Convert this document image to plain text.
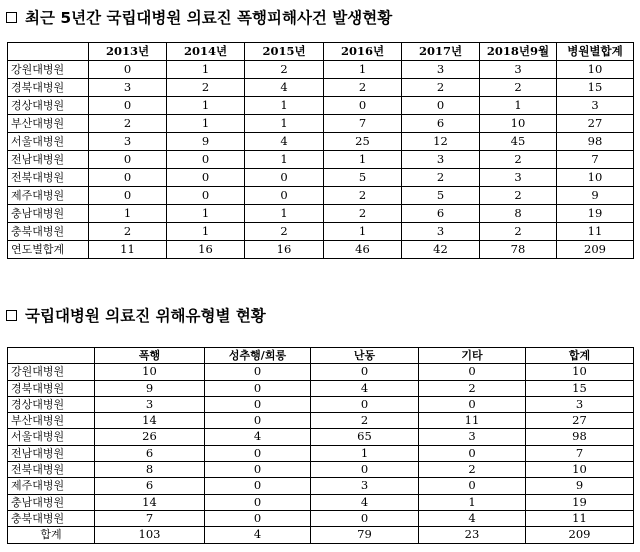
최근 5년간 국립대병원 의료진 폭행피해사건 발생현황
	2013년	2014년	2015년	2016년	2017년	2018년9월	병원별합계
강원대병원	0	1	2	1	3	3	10
경북대병원	3	2	4	2	2	2	15
경상대병원	0	1	1	0	0	1	3
부산대병원	2	1	1	7	6	10	27
서울대병원	3	9	4	25	12	45	98
전남대병원	0	0	1	1	3	2	7
전북대병원	0	0	0	5	2	3	10
제주대병원	0	0	0	2	5	2	9
충남대병원	1	1	1	2	6	8	19
충북대병원	2	1	2	1	3	2	11
연도별합계	11	16	16	46	42	78	209
국립대병원 의료진 위해유형별 현황
	폭행	성추행/희롱	난동	기타	합계
강원대병원	10	0	0	0	10
경북대병원	9	0	4	2	15
경상대병원	3	0	0	0	3
부산대병원	14	0	2	11	27
서울대병원	26	4	65	3	98
전남대병원	6	0	1	0	7
전북대병원	8	0	0	2	10
제주대병원	6	0	3	0	9
충남대병원	14	0	4	1	19
충북대병원	7	0	0	4	11
합계	103	4	79	23	209
